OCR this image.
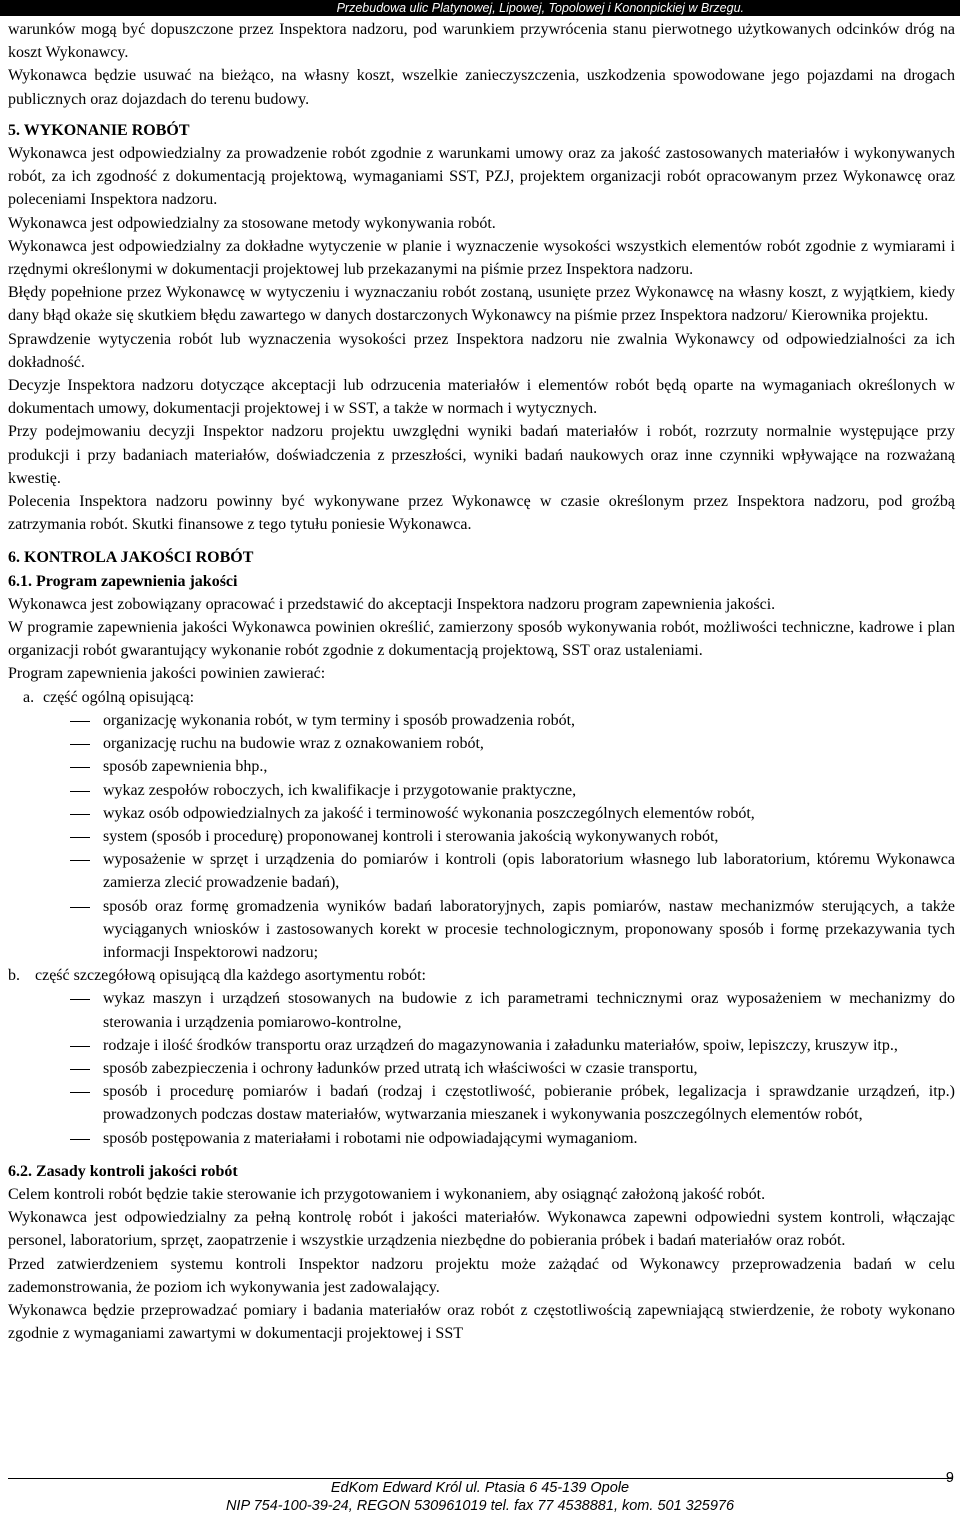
Przebudowa ulic Platynowej, Lipowej, Topolowej i Kononpickiej w Brzegu.

warunków mogą być dopuszczone przez Inspektora nadzoru, pod warunkiem przywrócenia stanu pierwotnego użytkowanych odcinków dróg na koszt Wykonawcy.

Wykonawca będzie usuwać na bieżąco, na własny koszt, wszelkie zanieczyszczenia, uszkodzenia spowodowane jego pojazdami na drogach publicznych oraz dojazdach do terenu budowy.

5. WYKONANIE ROBÓT

Wykonawca jest odpowiedzialny za prowadzenie robót zgodnie z warunkami umowy oraz za jakość zastosowanych materiałów i wykonywanych robót, za ich zgodność z dokumentacją projektową, wymaganiami SST, PZJ, projektem organizacji robót opracowanym przez Wykonawcę oraz poleceniami Inspektora nadzoru.

Wykonawca jest odpowiedzialny za stosowane metody wykonywania robót.

Wykonawca jest odpowiedzialny za dokładne wytyczenie w planie i wyznaczenie wysokości wszystkich elementów robót zgodnie z wymiarami i rzędnymi określonymi w dokumentacji projektowej lub przekazanymi na piśmie przez Inspektora nadzoru.

Błędy popełnione przez Wykonawcę w wytyczeniu i wyznaczaniu robót zostaną, usunięte przez Wykonawcę na własny koszt, z wyjątkiem, kiedy dany błąd okaże się skutkiem błędu zawartego w danych dostarczonych Wykonawcy na piśmie przez Inspektora nadzoru/ Kierownika projektu.

Sprawdzenie wytyczenia robót lub wyznaczenia wysokości przez Inspektora nadzoru nie zwalnia Wykonawcy od odpowiedzialności za ich dokładność.

Decyzje Inspektora nadzoru dotyczące akceptacji lub odrzucenia materiałów i elementów robót będą oparte na wymaganiach określonych w dokumentach umowy, dokumentacji projektowej i w SST, a także w normach i wytycznych.

Przy podejmowaniu decyzji Inspektor nadzoru projektu uwzględni wyniki badań materiałów i robót, rozrzuty normalnie występujące przy produkcji i przy badaniach materiałów, doświadczenia z przeszłości, wyniki badań naukowych oraz inne czynniki wpływające na rozważaną kwestię.

Polecenia Inspektora nadzoru powinny być wykonywane przez Wykonawcę w czasie określonym przez Inspektora nadzoru, pod groźbą zatrzymania robót. Skutki finansowe z tego tytułu poniesie Wykonawca.

6. KONTROLA JAKOŚCI ROBÓT
6.1. Program zapewnienia jakości

Wykonawca jest zobowiązany opracować i przedstawić do akceptacji Inspektora nadzoru program zapewnienia jakości.

W programie zapewnienia jakości Wykonawca powinien określić, zamierzony sposób wykonywania robót, możliwości techniczne, kadrowe i plan organizacji robót gwarantujący wykonanie robót zgodnie z dokumentacją projektową, SST oraz ustaleniami.

Program zapewnienia jakości powinien zawierać:

a. część ogólną opisującą:
organizację wykonania robót, w tym terminy i sposób prowadzenia robót,
organizację ruchu na budowie wraz z oznakowaniem robót,
sposób zapewnienia bhp.,
wykaz zespołów roboczych, ich kwalifikacje i przygotowanie praktyczne,
wykaz osób odpowiedzialnych za jakość i terminowość wykonania poszczególnych elementów robót,
system (sposób i procedurę) proponowanej kontroli i sterowania jakością wykonywanych robót,
wyposażenie w sprzęt i urządzenia do pomiarów i kontroli (opis laboratorium własnego lub laboratorium, któremu Wykonawca zamierza zlecić prowadzenie badań),
sposób oraz formę gromadzenia wyników badań laboratoryjnych, zapis pomiarów, nastaw mechanizmów sterujących, a także wyciąganych wniosków i zastosowanych korekt w procesie technologicznym, proponowany sposób i formę przekazywania tych informacji Inspektorowi nadzoru;
b. część szczegółową opisującą dla każdego asortymentu robót:
wykaz maszyn i urządzeń stosowanych na budowie z ich parametrami technicznymi oraz wyposażeniem w mechanizmy do sterowania i urządzenia pomiarowo-kontrolne,
rodzaje i ilość środków transportu oraz urządzeń do magazynowania i załadunku materiałów, spoiw, lepiszczy, kruszyw itp.,
sposób zabezpieczenia i ochrony ładunków przed utratą ich właściwości w czasie transportu,
sposób i procedurę pomiarów i badań (rodzaj i częstotliwość, pobieranie próbek, legalizacja i sprawdzanie urządzeń, itp.) prowadzonych podczas dostaw materiałów, wytwarzania mieszanek i wykonywania poszczególnych elementów robót,
sposób postępowania z materiałami i robotami nie odpowiadającymi wymaganiom.
6.2. Zasady kontroli jakości robót

Celem kontroli robót będzie takie sterowanie ich przygotowaniem i wykonaniem, aby osiągnąć założoną jakość robót.

Wykonawca jest odpowiedzialny za pełną kontrolę robót i jakości materiałów. Wykonawca zapewni odpowiedni system kontroli, włączając personel, laboratorium, sprzęt, zaopatrzenie i wszystkie urządzenia niezbędne do pobierania próbek i badań materiałów oraz robót.

Przed zatwierdzeniem systemu kontroli Inspektor nadzoru projektu może zażądać od Wykonawcy przeprowadzenia badań w celu zademonstrowania, że poziom ich wykonywania jest zadowalający.

Wykonawca będzie przeprowadzać pomiary i badania materiałów oraz robót z częstotliwością zapewniającą stwierdzenie, że roboty wykonano zgodnie z wymaganiami zawartymi w dokumentacji projektowej i SST

EdKom Edward Król ul. Ptasia 6 45-139 Opole
NIP 754-100-39-24, REGON 530961019 tel. fax 77 4538881, kom. 501 325976
9
